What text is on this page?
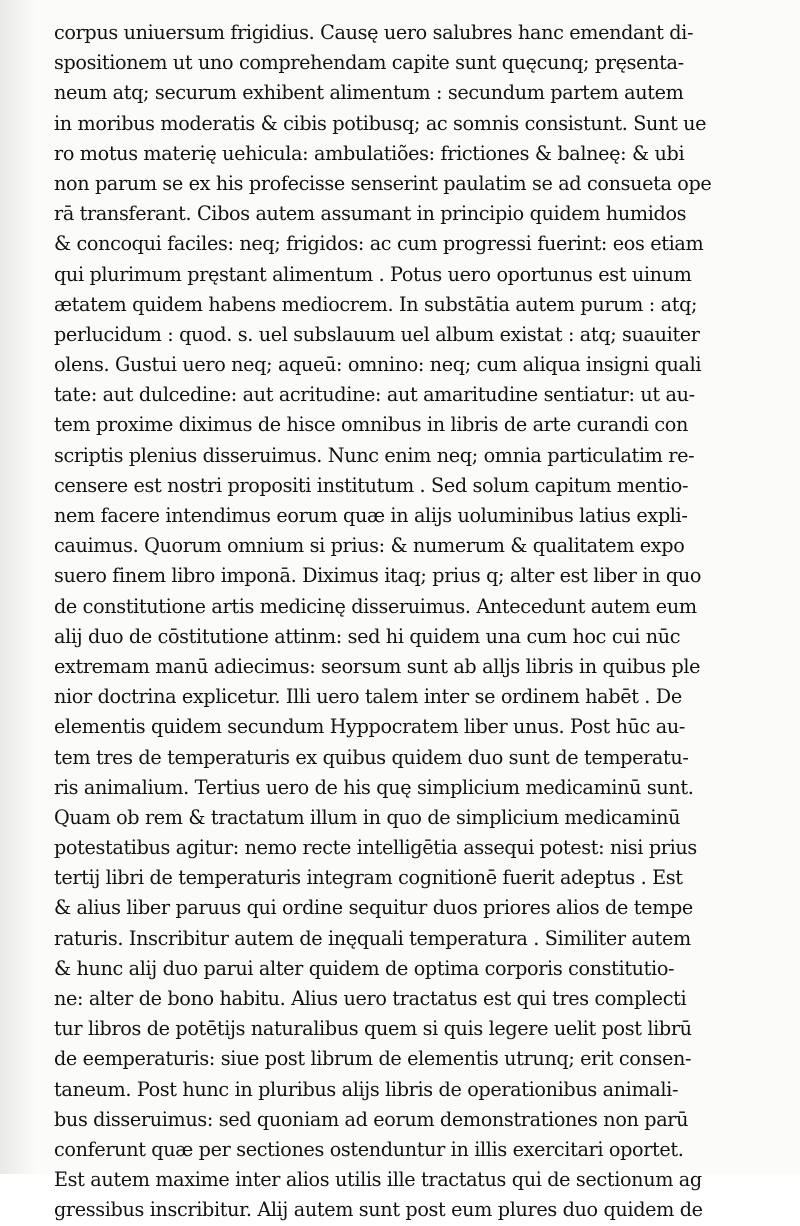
corpus uniuersum frigidius. Causę uero salubres hanc emendant di-
spositionem ut uno comprehendam capite sunt quęcunq; pręsenta-
neum atq; securum exhibent alimentum : secundum partem autem
in moribus moderatis & cibis potibusq; ac somnis consistunt. Sunt ue
ro motus materię uehicula: ambulatiões: frictiones & balneę: & ubi
non parum se ex his profecisse senserint paulatim se ad consueta ope
rā transferant. Cibos autem assumant in principio quidem humidos
& concoqui faciles: neq; frigidos: ac cum progressi fuerint: eos etiam
qui plurimum pręstant alimentum . Potus uero oportunus est uinum
ætatem quidem habens mediocrem. In substātia autem purum : atq;
perlucidum : quod. s. uel subslauum uel album existat : atq; suauiter
olens. Gustui uero neq; aqueū: omnino: neq; cum aliqua insigni quali
tate: aut dulcedine: aut acritudine: aut amaritudine sentiatur: ut au-
tem proxime diximus de hisce omnibus in libris de arte curandi con
scriptis plenius disseruimus. Nunc enim neq; omnia particulatim re-
censere est nostri propositi institutum . Sed solum capitum mentio-
nem facere intendimus eorum quæ in alijs uoluminibus latius expli-
cauimus. Quorum omnium si prius: & numerum & qualitatem expo
suero finem libro imponā. Diximus itaq; prius q; alter est liber in quo
de constitutione artis medicinę disseruimus. Antecedunt autem eum
alij duo de cōstitutione attinm: sed hi quidem una cum hoc cui nūc
extremam manū adiecimus: seorsum sunt ab alljs libris in quibus ple
nior doctrina explicetur. Illi uero talem inter se ordinem habēt . De
elementis quidem secundum Hyppocratem liber unus. Post hūc au-
tem tres de temperaturis ex quibus quidem duo sunt de temperatu-
ris animalium. Tertius uero de his quę simplicium medicaminū sunt.
Quam ob rem & tractatum illum in quo de simplicium medicaminū
potestatibus agitur: nemo recte intelligētia assequi potest: nisi prius
tertij libri de temperaturis integram cognitionē fuerit adeptus . Est
& alius liber paruus qui ordine sequitur duos priores alios de tempe
raturis. Inscribitur autem de inęquali temperatura . Similiter autem
& hunc alij duo parui alter quidem de optima corporis constitutio-
ne: alter de bono habitu. Alius uero tractatus est qui tres complecti
tur libros de potētijs naturalibus quem si quis legere uelit post librū
de eemperaturis: siue post librum de elementis utrunq; erit consen-
taneum. Post hunc in pluribus alijs libris de operationibus animali-
bus disseruimus: sed quoniam ad eorum demonstrationes non parū
conferunt quæ per sectiones ostenduntur in illis exercitari oportet.
Est autem maxime inter alios utilis ille tractatus qui de sectionum ag
gressibus inscribitur. Alij autem sunt post eum plures duo quidem de
